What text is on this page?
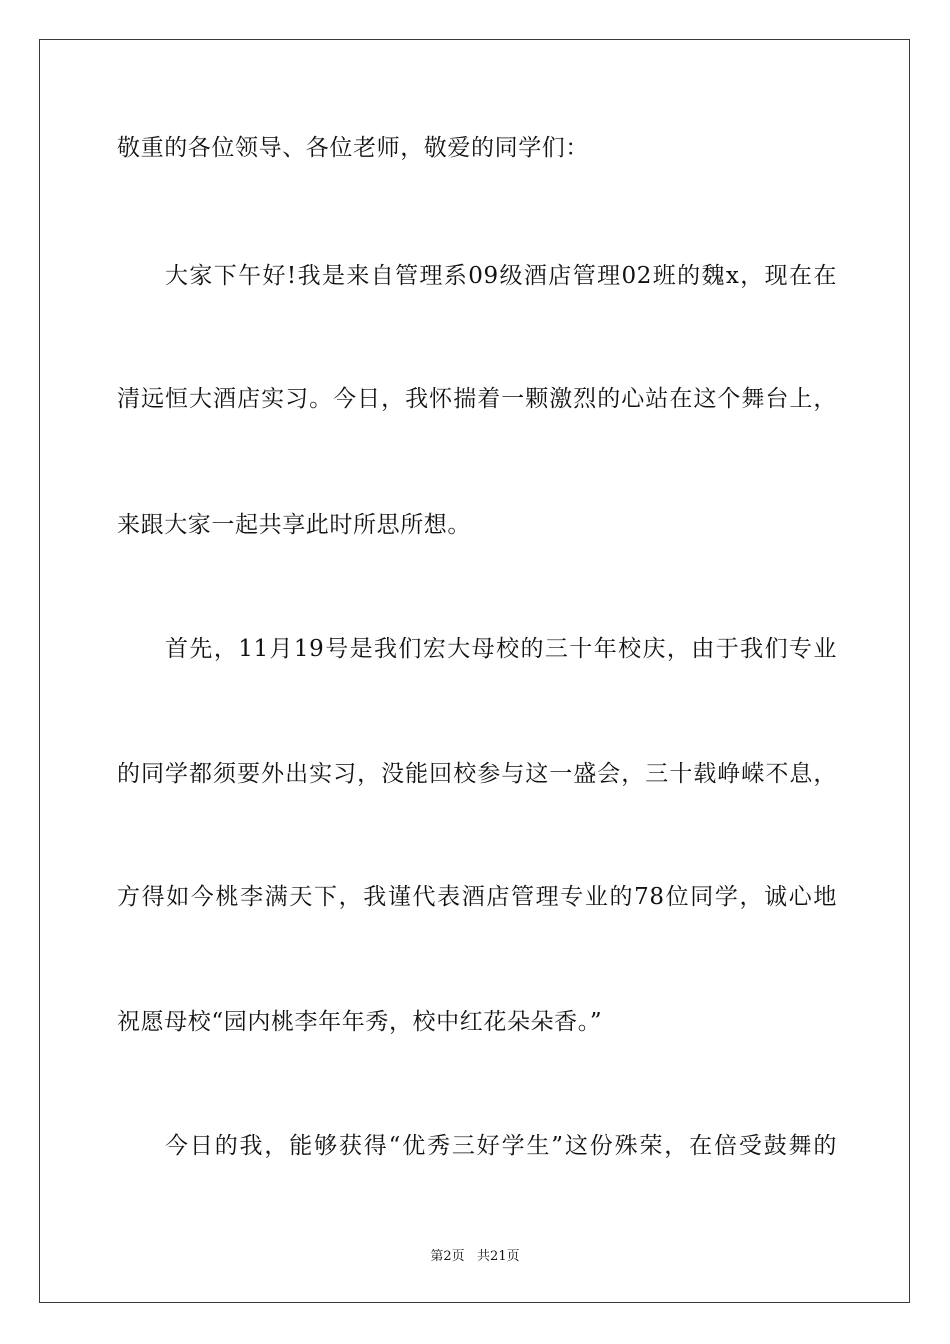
敬重的各位领导、各位老师，敬爱的同学们：
大家下午好!我是来自管理系09级酒店管理02班的魏x，现在在
清远恒大酒店实习。今日，我怀揣着一颗激烈的心站在这个舞台上，
来跟大家一起共享此时所思所想。
首先，11月19号是我们宏大母校的三十年校庆，由于我们专业
的同学都须要外出实习，没能回校参与这一盛会，三十载峥嵘不息，
方得如今桃李满天下，我谨代表酒店管理专业的78位同学，诚心地
祝愿母校“园内桃李年年秀，校中红花朵朵香。”
今日的我，能够获得“优秀三好学生”这份殊荣，在倍受鼓舞的
第2页   共21页
